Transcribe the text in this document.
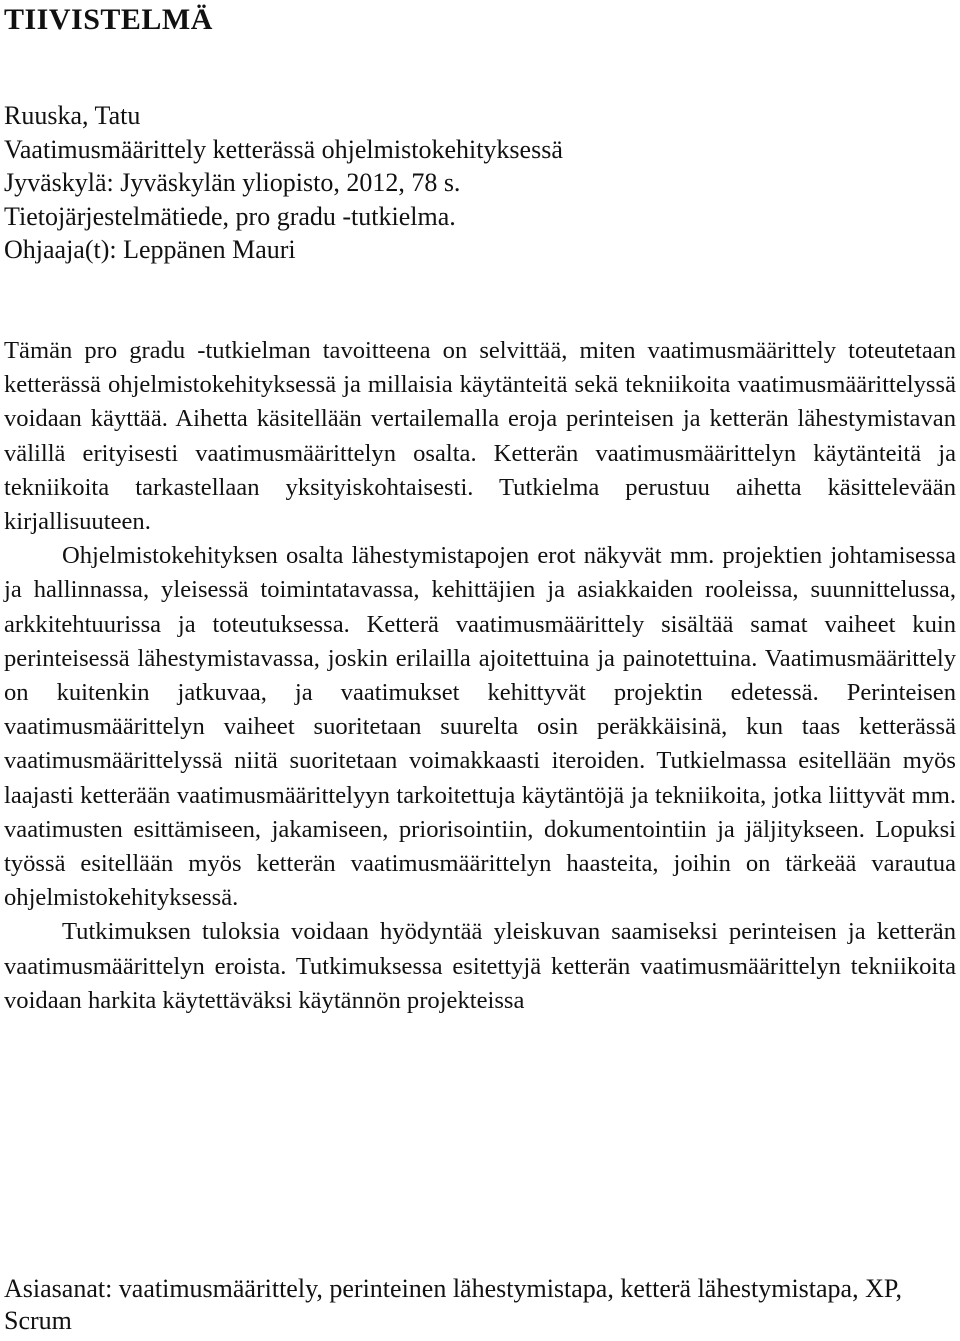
TIIVISTELMÄ
Ruuska, Tatu
Vaatimusmäärittely ketterässä ohjelmistokehityksessä
Jyväskylä: Jyväskylän yliopisto, 2012, 78 s.
Tietojärjestelmätiede, pro gradu -tutkielma.
Ohjaaja(t): Leppänen Mauri

Tämän pro gradu -tutkielman tavoitteena on selvittää, miten vaatimusmäärittely toteutetaan ketterässä ohjelmistokehityksessä ja millaisia käytänteitä sekä tekniikoita vaatimusmäärittelyssä voidaan käyttää. Aihetta käsitellään vertailemalla eroja perinteisen ja ketterän lähestymistavan välillä erityisesti vaatimusmäärittelyn osalta. Ketterän vaatimusmäärittelyn käytänteitä ja tekniikoita tarkastellaan yksityiskohtaisesti. Tutkielma perustuu aihetta käsittelevään kirjallisuuteen.

Ohjelmistokehityksen osalta lähestymistapojen erot näkyvät mm. projektien johtamisessa ja hallinnassa, yleisessä toimintatavassa, kehittäjien ja asiakkaiden rooleissa, suunnittelussa, arkkitehtuurissa ja toteutuksessa. Ketterä vaatimusmäärittely sisältää samat vaiheet kuin perinteisessä lähestymistavassa, joskin erilailla ajoitettuina ja painotettuina. Vaatimusmäärittely on kuitenkin jatkuvaa, ja vaatimukset kehittyvät projektin edetessä. Perinteisen vaatimusmäärittelyn vaiheet suoritetaan suurelta osin peräkkäisinä, kun taas ketterässä vaatimusmäärittelyssä niitä suoritetaan voimakkaasti iteroiden. Tutkielmassa esitellään myös laajasti ketterään vaatimusmäärittelyyn tarkoitettuja käytäntöjä ja tekniikoita, jotka liittyvät mm. vaatimusten esittämiseen, jakamiseen, priorisointiin, dokumentointiin ja jäljitykseen. Lopuksi työssä esitellään myös ketterän vaatimusmäärittelyn haasteita, joihin on tärkeää varautua ohjelmistokehityksessä.

Tutkimuksen tuloksia voidaan hyödyntää yleiskuvan saamiseksi perinteisen ja ketterän vaatimusmäärittelyn eroista. Tutkimuksessa esitettyjä ketterän vaatimusmäärittelyn tekniikoita voidaan harkita käytettäväksi käytännön projekteissa

Asiasanat: vaatimusmäärittely, perinteinen lähestymistapa, ketterä lähestymistapa, XP, Scrum
